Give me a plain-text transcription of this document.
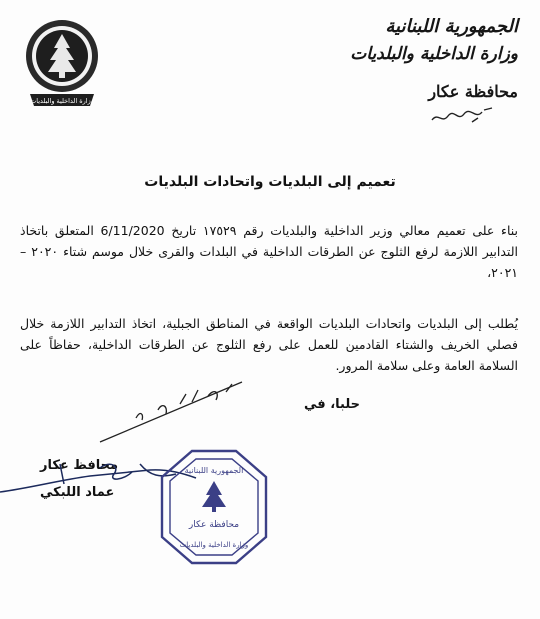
وزارة الداخلية والبلديات
الجمهورية اللبنانية
وزارة الداخلية والبلديات
محافظة عكار
تعميم إلى البلديات واتحادات البلديات
بناء على تعميم معالي وزير الداخلية والبلديات رقم ١٧٥٢٩ تاريخ 6/11/2020 المتعلق باتخاذ التدابير اللازمة لرفع الثلوج عن الطرقات الداخلية في البلدات والقرى خلال موسم شتاء ٢٠٢٠ – ٢٠٢١،
يُطلب إلى البلديات واتحادات البلديات الواقعة في المناطق الجبلية، اتخاذ التدابير اللازمة خلال فصلي الخريف والشتاء القادمين للعمل على رفع الثلوج عن الطرقات الداخلية، حفاظاً على السلامة العامة وعلى سلامة المرور.
حلبا، في
محافظ عكار
عماد اللبكي
الجمهورية اللبنانية
محافظة عكار
وزارة الداخلية والبلديات
